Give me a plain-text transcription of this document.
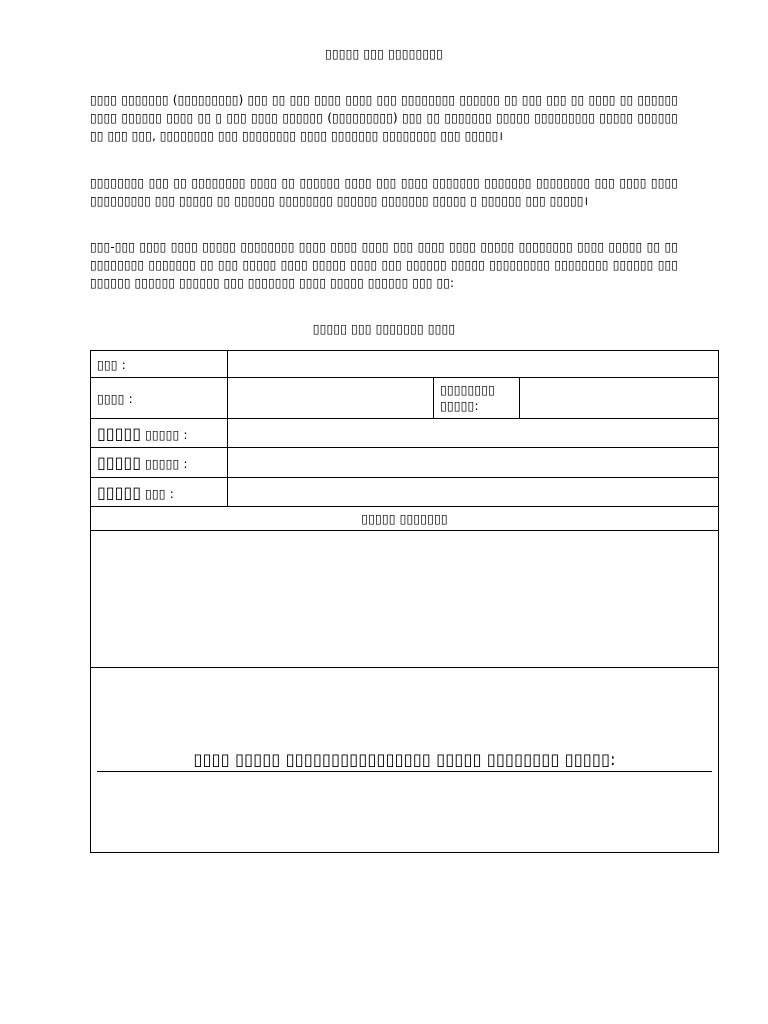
▯▯▯▯▯ ▯▯▯ ▯▯▯▯▯▯▯▯

▯▯▯▯ ▯▯▯▯▯▯▯ (▯▯▯▯▯▯▯▯▯) ▯▯▯ ▯▯ ▯▯▯ ▯▯▯▯ ▯▯▯▯ ▯▯▯ ▯▯▯▯▯▯▯▯ ▯▯▯▯▯▯ ▯▯ ▯▯▯ ▯▯▯ ▯▯ ▯▯▯▯ ▯▯ ▯▯▯▯▯▯▯▯▯▯ ▯▯▯▯▯▯ ▯▯▯▯ ▯▯ ▯ ▯▯▯ ▯▯▯▯ ▯▯▯▯▯▯ (▯▯▯▯▯▯▯▯▯) ▯▯▯ ▯▯ ▯▯▯▯▯▯▯ ▯▯▯▯▯ ▯▯▯▯▯▯▯▯▯ ▯▯▯▯▯ ▯▯▯▯▯▯▯▯ ▯▯▯ ▯▯▯, ▯▯▯▯▯▯▯▯ ▯▯▯ ▯▯▯▯▯▯▯▯ ▯▯▯▯ ▯▯▯▯▯▯▯ ▯▯▯▯▯▯▯▯ ▯▯▯ ▯▯▯▯▯।

▯▯▯▯▯▯▯▯ ▯▯▯ ▯▯ ▯▯▯▯▯▯▯▯ ▯▯▯▯ ▯▯ ▯▯▯▯▯▯ ▯▯▯▯ ▯▯▯ ▯▯▯▯ ▯▯▯▯▯▯▯ ▯▯▯▯▯▯▯ ▯▯▯▯▯▯▯▯ ▯▯▯ ▯▯▯▯ ▯▯▯▯ ▯▯▯▯▯▯▯▯▯ ▯▯▯ ▯▯▯▯▯ ▯▯ ▯▯▯▯▯▯ ▯▯▯▯▯▯▯▯ ▯▯▯▯▯▯ ▯▯▯▯▯▯▯ ▯▯▯▯▯ ▯ ▯▯▯▯▯▯ ▯▯▯ ▯▯▯▯▯।

▯▯▯-▯▯▯ ▯▯▯▯ ▯▯▯▯ ▯▯▯▯▯ ▯▯▯▯▯▯▯▯ ▯▯▯▯ ▯▯▯▯ ▯▯▯▯ ▯▯▯ ▯▯▯▯ ▯▯▯▯ ▯▯▯▯▯ ▯▯▯▯▯▯▯▯ ▯▯▯▯ ▯▯▯▯▯ ▯▯ ▯▯▯▯▯▯▯▯▯▯ ▯▯▯▯▯▯▯ ▯▯ ▯▯▯ ▯▯▯▯▯ ▯▯▯▯ ▯▯▯▯▯ ▯▯▯▯ ▯▯▯ ▯▯▯▯▯▯ ▯▯▯▯▯ ▯▯▯▯▯▯▯▯▯ ▯▯▯▯▯▯▯▯ ▯▯▯▯▯▯ ▯▯▯ ▯▯▯▯▯▯ ▯▯▯▯▯▯ ▯▯▯▯▯▯ ▯▯▯ ▯▯▯▯▯▯▯ ▯▯▯▯ ▯▯▯▯▯ ▯▯▯▯▯▯ ▯▯▯ ▯▯:

▯▯▯▯▯ ▯▯▯ ▯▯▯▯▯▯▯ ▯▯▯▯
▯▯▯ :			
▯▯▯▯ :		▯▯▯▯▯▯▯▯ ▯▯▯▯▯:	
▯▯▯▯▯ ▯▯▯▯▯ :			
▯▯▯▯▯ ▯▯▯▯▯ :			
▯▯▯▯▯ ▯▯▯ :			
▯▯▯▯▯ ▯▯▯▯▯▯▯			

▯▯▯▯ ▯▯▯▯▯ ▯▯▯▯▯▯▯▯▯▯▯▯▯▯▯▯ ▯▯▯▯▯ ▯▯▯▯▯▯▯▯ ▯▯▯▯▯:			
